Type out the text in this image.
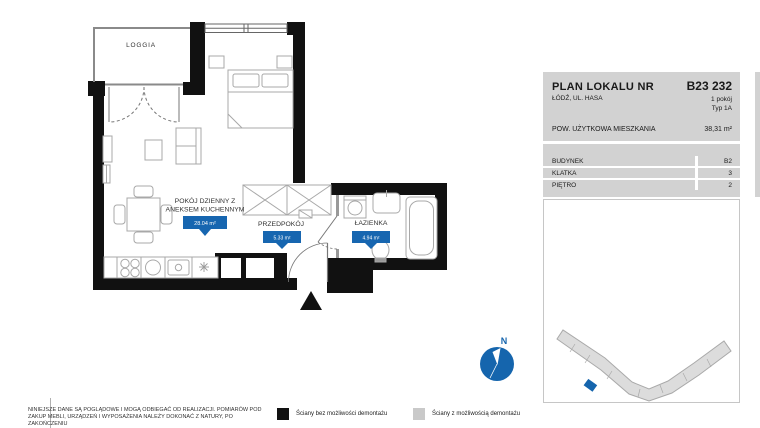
LOGGIA
POKÓJ DZIENNY Z
ANEKSEM KUCHENNYM
PRZEDPOKÓJ	ŁAZIENKA
28.04 m²
5.33 m²	4.94 m²
N
PLAN LOKALU NR	B23 232
ŁÓDŹ, UL. HASA	1 pokój
Typ 1A
POW. UŻYTKOWA MIESZKANIA	38,31 m²
BUDYNEK	B2
KLATKA	3
PIĘTRO	2
NINIEJSZE DANE SĄ POGLĄDOWE I MOGĄ ODBIEGAĆ OD REALIZACJI. POMIARÓW POD
ZAKUP MEBLI, URZĄDZEŃ I WYPOSAŻENIA NALEŻY DOKONAĆ Z NATURY, PO ZAKOŃCZENIU
Ściany bez możliwości demontażu	Ściany z możliwością demontażu
